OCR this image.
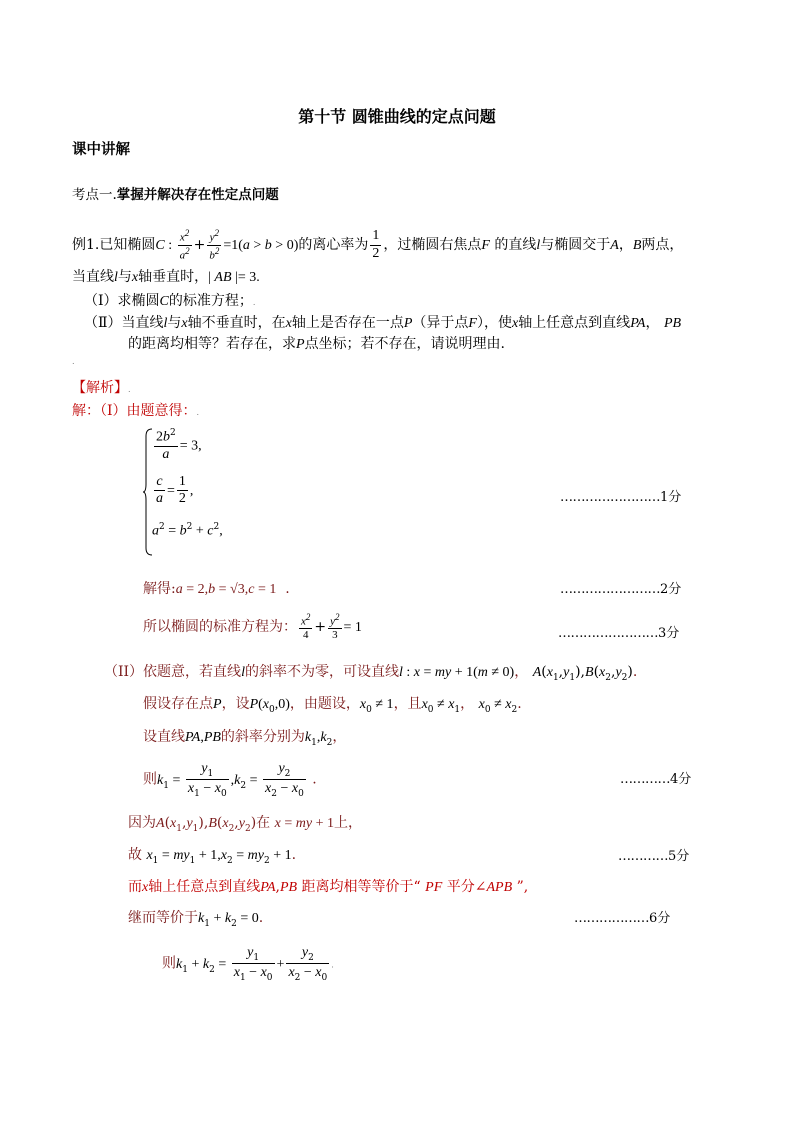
第十节 圆锥曲线的定点问题
课中讲解
考点一.掌握并解决存在性定点问题
例1.已知椭圆C : $\frac{x^2}{a^2} + \frac{y^2}{b^2} =1(a > b > 0)$的离心率为 $\frac{1}{2}$ ，过椭圆右焦点F 的直线l与椭圆交于A，B两点，
当直线l与x轴垂直时，| AB |= 3.
（Ⅰ）求椭圆C的标准方程；.
（Ⅱ）当直线l与x轴不垂直时，在x轴上是否存在一点P（异于点F），使x轴上任意点到直线PA， PB
的距离均相等？若存在，求P点坐标；若不存在，请说明理由.
.
【解析】.
解：（Ⅰ）由题意得：.
$\frac{2b^2}{a} = 3$,
$\frac{c}{a} = \frac{1}{2}$ ,
$a^2 = b^2 + c^2$,
解得:a = 2,b = √3,c = 1  .
所以椭圆的标准方程为： $\frac{x^2}{4} + \frac{y^2}{3} = 1$
（II）依题意，若直线l的斜率不为零，可设直线l : x = my + 1(m ≠ 0)， $A(x_1,y_1),B(x_2,y_2)$.
假设存在点P，设$P(x_0,0)$，由题设，$x_0 \ne 1$，且$x_0 \ne x_1$， $x_0 \ne x_2$.
设直线PA,PB的斜率分别为$k_1,k_2$，
则$k_1 = \frac{y_1}{x_1 - x_0} ,k_2 = \frac{y_2}{x_2 - x_0}$ .
因为$A(x_1,y_1),B(x_2,y_2)$在 x = my + 1上，
故 $x_1 = my_1 + 1,x_2 = my_2 + 1$.
而x轴上任意点到直线PA,PB 距离均相等等价于“ PF 平分∠APB ”,
继而等价于$k_1 + k_2 = 0$.
则$k_1 + k_2 = \frac{y_1}{x_1 - x_0} + \frac{y_2}{x_2 - x_0}$ .
……………………1分
……………………2分
……………………3分
…………4分
…………5分
………………6分
